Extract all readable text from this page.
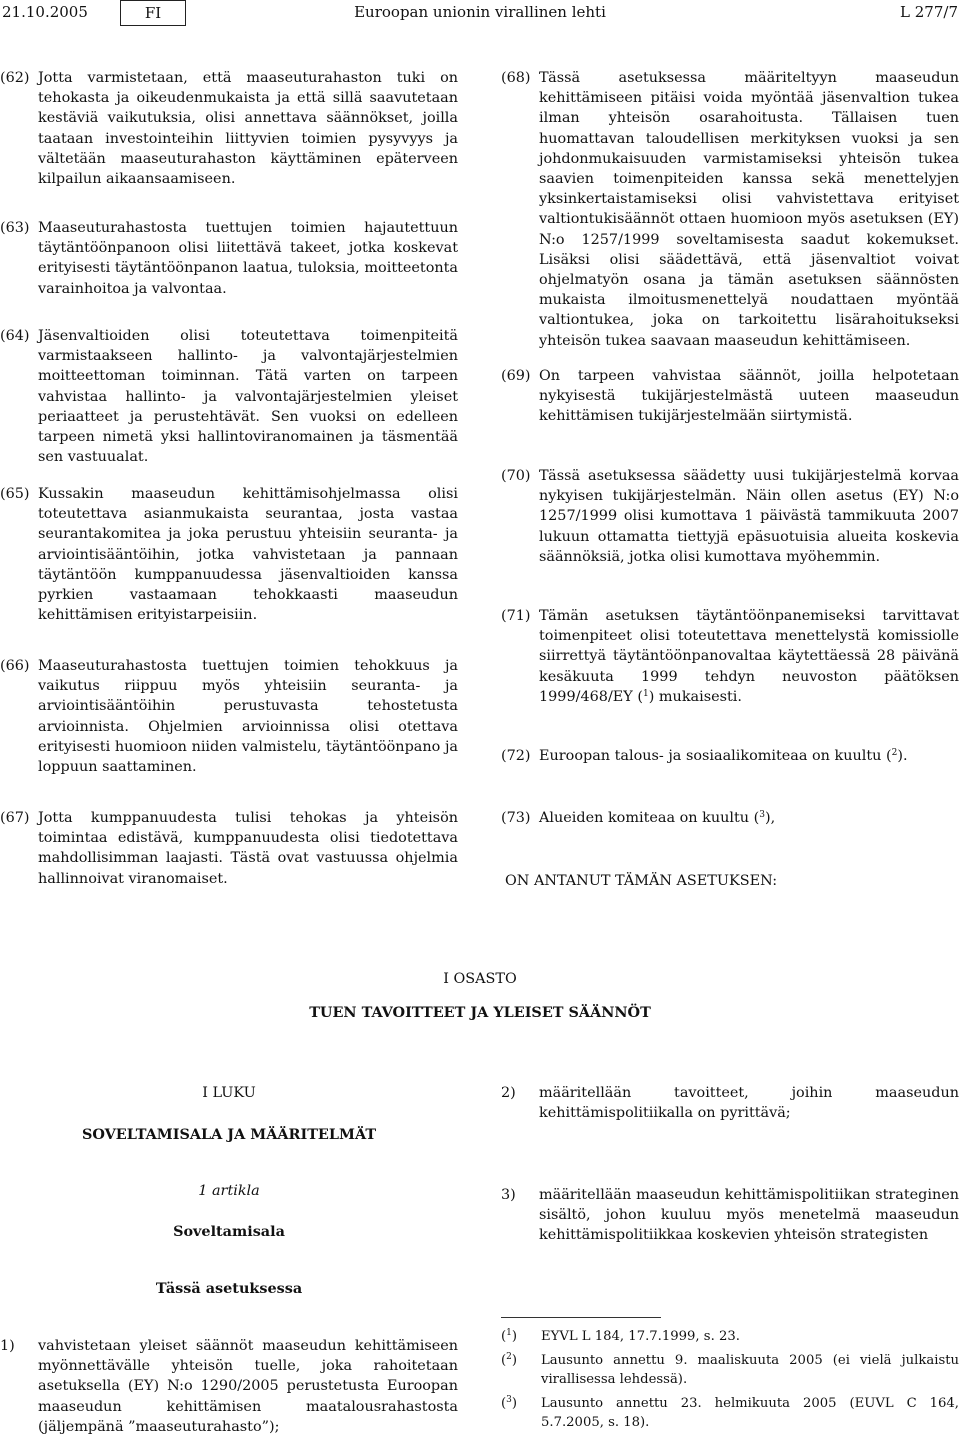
21.10.2005	FI	Euroopan unionin virallinen lehti	L 277/7

(62) Jotta varmistetaan, että maaseuturahaston tuki on tehokasta ja oikeudenmukaista ja että sillä saavutetaan kestäviä vaikutuksia, olisi annettava säännökset, joilla taataan investointeihin liittyvien toimien pysyvyys ja vältetään maaseuturahaston käyttäminen epäterveen kilpailun aikaansaamiseen.

(63) Maaseuturahastosta tuettujen toimien hajautettuun täytäntöönpanoon olisi liitettävä takeet, jotka koskevat erityisesti täytäntöönpanon laatua, tuloksia, moitteetonta varainhoitoa ja valvontaa.

(64) Jäsenvaltioiden olisi toteutettava toimenpiteitä varmistaakseen hallinto- ja valvontajärjestelmien moitteettoman toiminnan. Tätä varten on tarpeen vahvistaa hallinto- ja valvontajärjestelmien yleiset periaatteet ja perustehtävät. Sen vuoksi on edelleen tarpeen nimetä yksi hallintoviranomainen ja täsmentää sen vastuualat.

(65) Kussakin maaseudun kehittämisohjelmassa olisi toteutettava asianmukaista seurantaa, josta vastaa seurantakomitea ja joka perustuu yhteisiin seuranta- ja arviointisääntöihin, jotka vahvistetaan ja pannaan täytäntöön kumppanuudessa jäsenvaltioiden kanssa pyrkien vastaamaan tehokkaasti maaseudun kehittämisen erityistarpeisiin.

(66) Maaseuturahastosta tuettujen toimien tehokkuus ja vaikutus riippuu myös yhteisiin seuranta- ja arviointisääntöihin perustuvasta tehostetusta arvioinnista. Ohjelmien arvioinnissa olisi otettava erityisesti huomioon niiden valmistelu, täytäntöönpano ja loppuun saattaminen.

(67) Jotta kumppanuudesta tulisi tehokas ja yhteisön toimintaa edistävä, kumppanuudesta olisi tiedotettava mahdollisimman laajasti. Tästä ovat vastuussa ohjelmia hallinnoivat viranomaiset.

(68) Tässä asetuksessa määriteltyyn maaseudun kehittämiseen pitäisi voida myöntää jäsenvaltion tukea ilman yhteisön osarahoitusta. Tällaisen tuen huomattavan taloudellisen merkityksen vuoksi ja sen johdonmukaisuuden varmistamiseksi yhteisön tukea saavien toimenpiteiden kanssa sekä menettelyjen yksinkertaistamiseksi olisi vahvistettava erityiset valtiontukisäännöt ottaen huomioon myös asetuksen (EY) N:o 1257/1999 soveltamisesta saadut kokemukset. Lisäksi olisi säädettävä, että jäsenvaltiot voivat ohjelmatyön osana ja tämän asetuksen säännösten mukaista ilmoitusmenettelyä noudattaen myöntää valtiontukea, joka on tarkoitettu lisärahoitukseksi yhteisön tukea saavaan maaseudun kehittämiseen.

(69) On tarpeen vahvistaa säännöt, joilla helpotetaan nykyisestä tukijärjestelmästä uuteen maaseudun kehittämisen tukijärjestelmään siirtymistä.

(70) Tässä asetuksessa säädetty uusi tukijärjestelmä korvaa nykyisen tukijärjestelmän. Näin ollen asetus (EY) N:o 1257/1999 olisi kumottava 1 päivästä tammikuuta 2007 lukuun ottamatta tiettyjä epäsuotuisia alueita koskevia säännöksiä, jotka olisi kumottava myöhemmin.

(71) Tämän asetuksen täytäntöönpanemiseksi tarvittavat toimenpiteet olisi toteutettava menettelystä komissiolle siirrettyä täytäntöönpanovaltaa käytettäessä 28 päivänä kesäkuuta 1999 tehdyn neuvoston päätöksen 1999/468/EY ($^1$) mukaisesti.

(72) Euroopan talous- ja sosiaalikomiteaa on kuultu ($^2$).

(73) Alueiden komiteaa on kuultu ($^3$),

ON ANTANUT TÄMÄN ASETUKSEN:
I OSASTO
TUEN TAVOITTEET JA YLEISET SÄÄNNÖT
I LUKU
SOVELTAMISALA JA MÄÄRITELMÄT
1 artikla
Soveltamisala
Tässä asetuksessa
1) vahvistetaan yleiset säännöt maaseudun kehittämiseen myönnettävälle yhteisön tuelle, joka rahoitetaan asetuksella (EY) N:o 1290/2005 perustetusta Euroopan maaseudun kehittämisen maatalousrahastosta (jäljempänä ”maaseuturahasto”);
2) määritellään tavoitteet, joihin maaseudun kehittämispolitiikalla on pyrittävä;
3) määritellään maaseudun kehittämispolitiikan strateginen sisältö, johon kuuluu myös menetelmä maaseudun kehittämispolitiikkaa koskevien yhteisön strategisten
($^1$) EYVL L 184, 17.7.1999, s. 23.
($^2$) Lausunto annettu 9. maaliskuuta 2005 (ei vielä julkaistu virallisessa lehdessä).
($^3$) Lausunto annettu 23. helmikuuta 2005 (EUVL C 164, 5.7.2005, s. 18).
